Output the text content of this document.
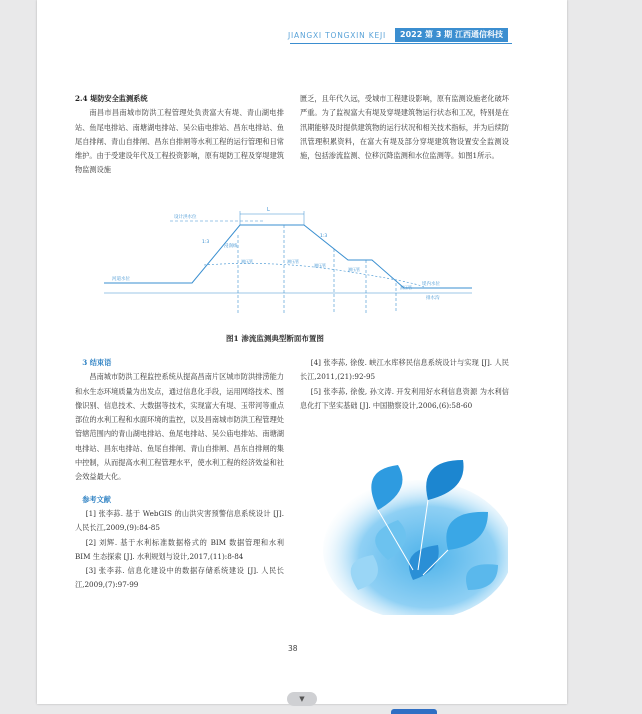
JIANGXI TONGXIN KEJI	2022 第 3 期 江西通信科技

2.4 堤防安全监测系统

南昌市昌南城市防洪工程管理处负责富大有堤、青山湖电排站、鱼尾电排站、南塘湖电排站、吴公庙电排站、昌东电排站、鱼尾自排闸、青山自排闸、昌东自排闸等水利工程的运行管理和日常维护。由于受建设年代及工程投资影响，原有堤防工程及穿堤建筑物监测设施

匮乏，且年代久远，受城市工程建设影响，原有监测设施老化破坏严重。为了监视富大有堤及穿堤建筑物运行状态和工况，特别是在汛期能够及时提供建筑物的运行状况和相关技术指标，并为后续防汛管理积累资料，在富大有堤及部分穿堤建筑物设置安全监测设施，包括渗流监测、位移沉降监测和水位监测等。如图1所示。

L
设计洪水位
浸润线
1:3
1:3
测压管	测压管
测压管
测压管
测压管
河道水位
堤内水位
排水沟
图1 渗流监测典型断面布置图

3 结束语

昌南城市防洪工程监控系统从提高昌南片区城市防洪排涝能力和水生态环境质量为出发点，通过信息化手段，运用网络技术、图像识别、信息技术、大数据等技术，实现富大有堤、玉带河等重点部位的水利工程和水面环境的监控，以及昌南城市防洪工程管理处管辖范围内的青山湖电排站、鱼尾电排站、吴公庙电排站、南塘湖电排站、昌东电排站、鱼尾自排闸、青山自排闸、昌东自排闸的集中控制，从而提高水利工程管理水平，使水利工程的经济效益和社会效益最大化。

参考文献

[1] 张李荪. 基于 WebGIS 的山洪灾害预警信息系统设计 [J]. 人民长江,2009,(9):84-85

[2] 刘辉. 基于水利标准数据格式的 BIM 数据管理和水利 BIM 生态探索 [J]. 水利规划与设计,2017,(11):8-84

[3] 张李荪. 信息化建设中的数据存储系统建设 [J]. 人民长江,2009,(7):97-99

[4] 张李荪, 徐俊. 峡江水库移民信息系统设计与实现 [J]. 人民长江,2011,(21):92-95

[5] 张李荪, 徐俊, 孙文涛. 开发利用好水利信息资源 为水利信息化打下坚实基础 [J]. 中国勘察设计,2006,(6):58-60

38
▼
